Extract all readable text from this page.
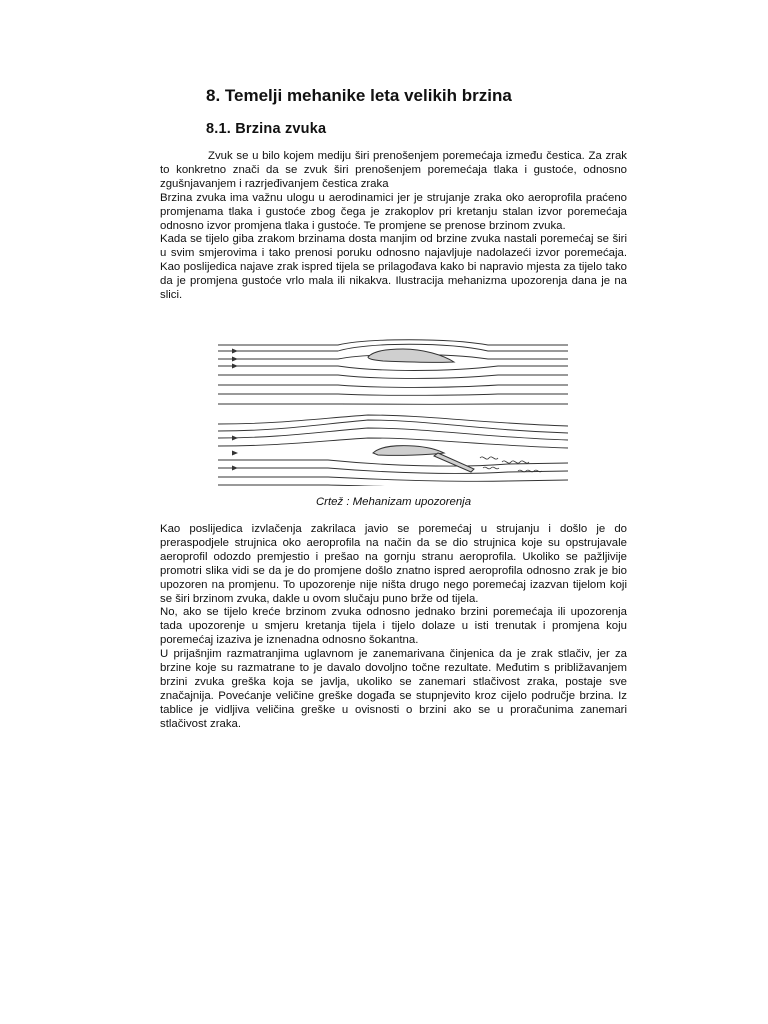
8. Temelji mehanike leta velikih brzina
8.1. Brzina zvuka

Zvuk se u bilo kojem mediju širi prenošenjem poremećaja između čestica. Za zrak to konkretno znači da se zvuk širi prenošenjem poremećaja tlaka i gustoće, odnosno zgušnjavanjem i razrjeđivanjem čestica zraka

Brzina zvuka ima važnu ulogu u aerodinamici jer je strujanje zraka oko aeroprofila praćeno promjenama tlaka i gustoće zbog čega je zrakoplov pri kretanju stalan izvor poremećaja odnosno izvor promjena tlaka i gustoće. Te promjene se prenose brzinom zvuka.

Kada se tijelo giba zrakom brzinama dosta manjim od brzine zvuka nastali poremećaj se širi u svim smjerovima i tako prenosi poruku odnosno najavljuje nadolazeći izvor poremećaja. Kao poslijedica najave zrak ispred tijela se prilagođava kako bi napravio mjesta za tijelo tako da je promjena gustoće vrlo mala ili nikakva. Ilustracija mehanizma upozorenja dana je na slici.

Crtež : Mehanizam upozorenja

Kao poslijedica izvlačenja zakrilaca javio se poremećaj u strujanju i došlo je do preraspodjele strujnica oko aeroprofila na način da se dio strujnica koje su opstrujavale aeroprofil odozdo premjestio i prešao na gornju stranu aeroprofila. Ukoliko se pažljivije promotri slika vidi se da je do promjene došlo znatno ispred aeroprofila odnosno zrak je bio upozoren na promjenu. To upozorenje nije ništa drugo nego poremećaj izazvan tijelom koji se širi brzinom zvuka, dakle u ovom slučaju puno brže od tijela.

No, ako se tijelo kreće brzinom zvuka odnosno jednako brzini poremećaja ili upozorenja tada upozorenje u smjeru kretanja tijela i tijelo dolaze u isti trenutak i promjena koju poremećaj izaziva je iznenadna odnosno šokantna.

U prijašnjim razmatranjima uglavnom je zanemarivana činjenica da je zrak stlačiv, jer za brzine koje su razmatrane to je davalo dovoljno točne rezultate. Međutim s približavanjem brzini zvuka greška koja se javlja, ukoliko se zanemari stlačivost zraka, postaje sve značajnija. Povećanje veličine greške događa se stupnjevito kroz cijelo područje brzina. Iz tablice je vidljiva veličina greške u ovisnosti o brzini ako se u proračunima zanemari stlačivost zraka.
